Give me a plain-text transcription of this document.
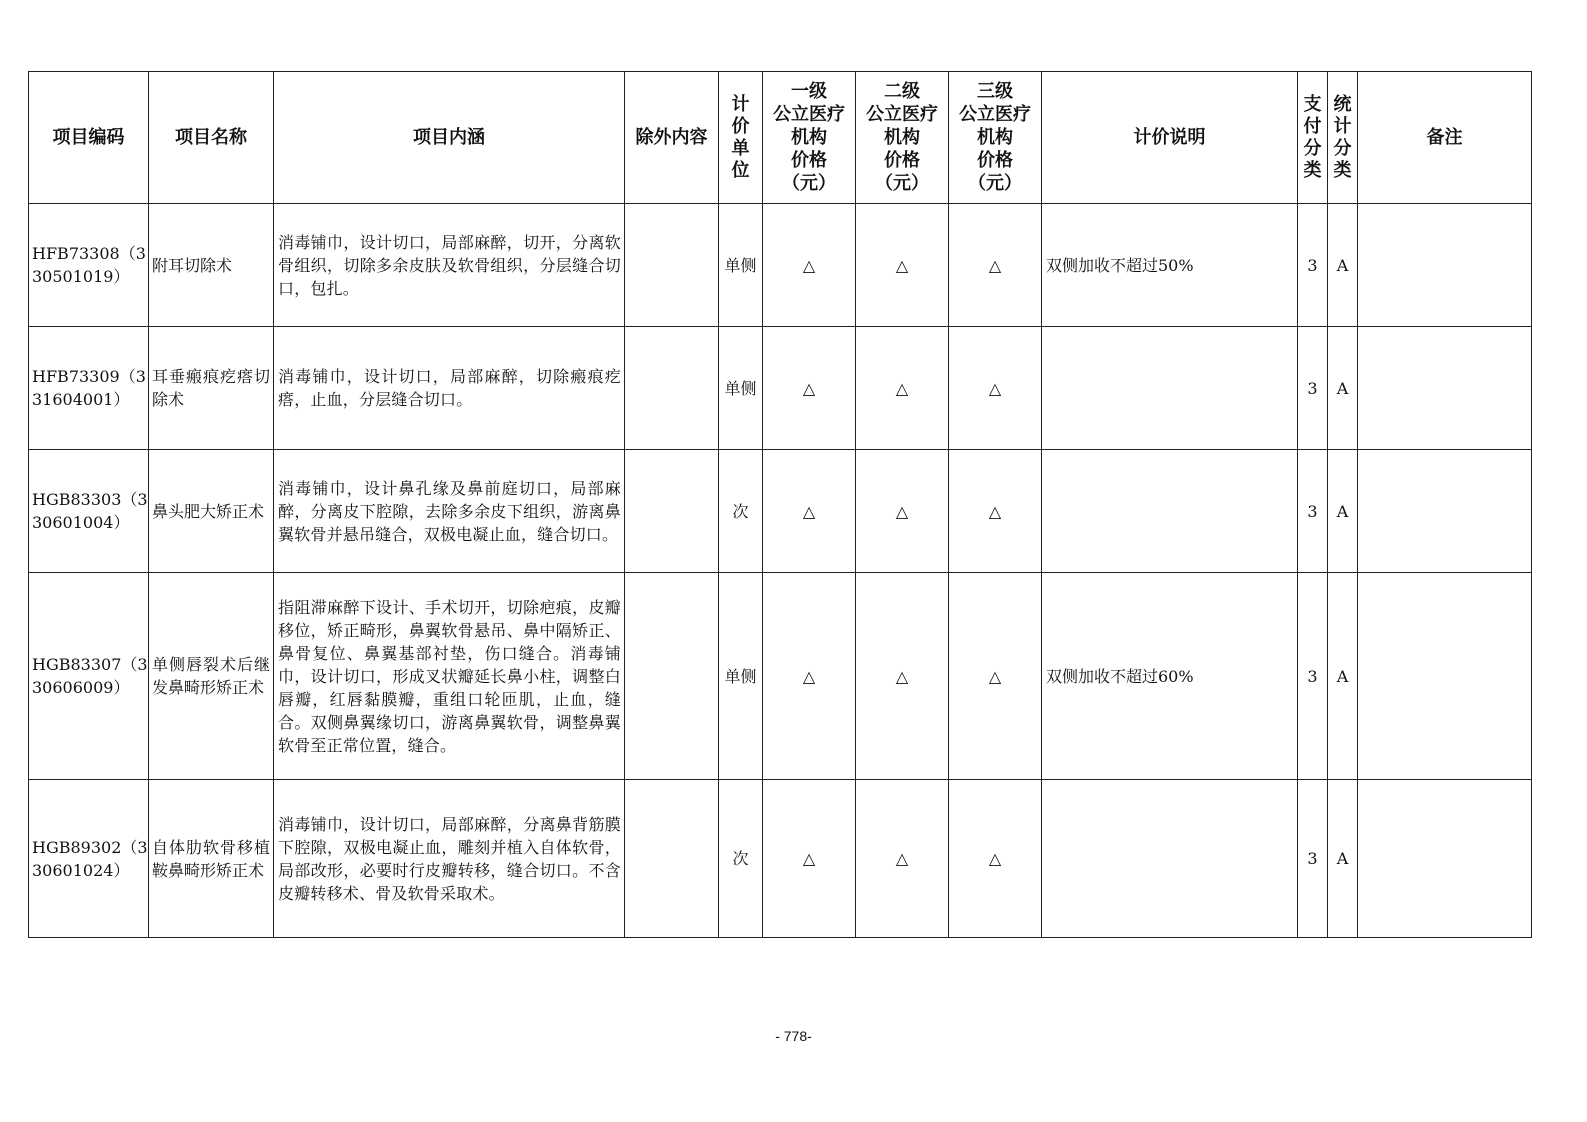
项目编码	项目名称	项目内涵	除外内容	计价单位	一级
公立医疗
机构
价格
（元）	二级
公立医疗
机构
价格
（元）	三级
公立医疗
机构
价格
（元）	计价说明	支付分类	统计分类	备注

HFB73308（330501019）	附耳切除术	消毒铺巾，设计切口，局部麻醉，切开，分离软骨组织，切除多余皮肤及软骨组织，分层缝合切口，包扎。		单侧	△	△	△	双侧加收不超过50%	3	A	
HFB73309（331604001）	耳垂瘢痕疙瘩切除术	消毒铺巾，设计切口，局部麻醉，切除瘢痕疙瘩，止血，分层缝合切口。		单侧	△	△	△		3	A	
HGB83303（330601004）	鼻头肥大矫正术	消毒铺巾，设计鼻孔缘及鼻前庭切口，局部麻醉，分离皮下腔隙，去除多余皮下组织，游离鼻翼软骨并悬吊缝合，双极电凝止血，缝合切口。		次	△	△	△		3	A	
HGB83307（330606009）	单侧唇裂术后继发鼻畸形矫正术	指阻滞麻醉下设计、手术切开，切除疤痕，皮瓣移位，矫正畸形，鼻翼软骨悬吊、鼻中隔矫正、鼻骨复位、鼻翼基部衬垫，伤口缝合。消毒铺巾，设计切口，形成叉状瓣延长鼻小柱，调整白唇瓣，红唇黏膜瓣，重组口轮匝肌，止血，缝合。双侧鼻翼缘切口，游离鼻翼软骨，调整鼻翼软骨至正常位置，缝合。		单侧	△	△	△	双侧加收不超过60%	3	A	
HGB89302（330601024）	自体肋软骨移植鞍鼻畸形矫正术	消毒铺巾，设计切口，局部麻醉，分离鼻背筋膜下腔隙，双极电凝止血，雕刻并植入自体软骨，局部改形，必要时行皮瓣转移，缝合切口。不含皮瓣转移术、骨及软骨采取术。		次	△	△	△		3	A	
- 778-
